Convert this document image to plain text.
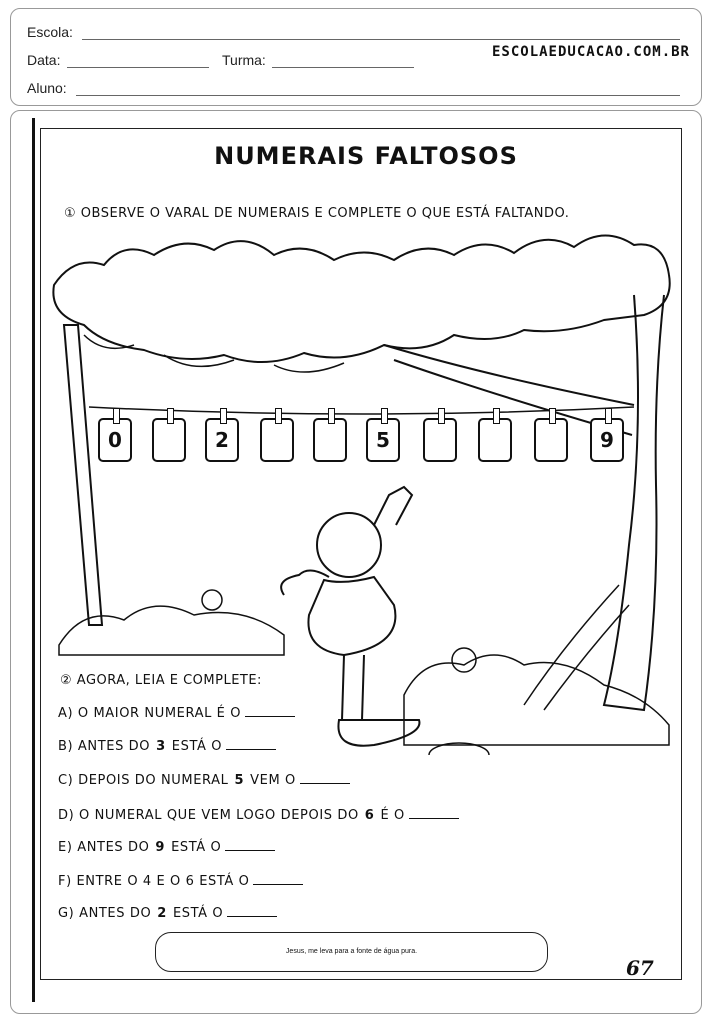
Escola:
Data:	Turma:	ESCOLAEDUCACAO.COM.BR
Aluno:
NUMERAIS FALTOSOS
① OBSERVE O VARAL DE NUMERAIS E COMPLETE O QUE ESTÁ FALTANDO.
0	2	5	9
② AGORA, LEIA E COMPLETE:
A) O MAIOR NUMERAL É O
B) ANTES DO 3 ESTÁ O
C) DEPOIS DO NUMERAL 5 VEM O
D) O NUMERAL QUE VEM LOGO DEPOIS DO 6 É O
E) ANTES DO 9 ESTÁ O
F) ENTRE O 4 E O 6 ESTÁ O
G) ANTES DO 2 ESTÁ O
Jesus, me leva para a fonte de água pura.
67
